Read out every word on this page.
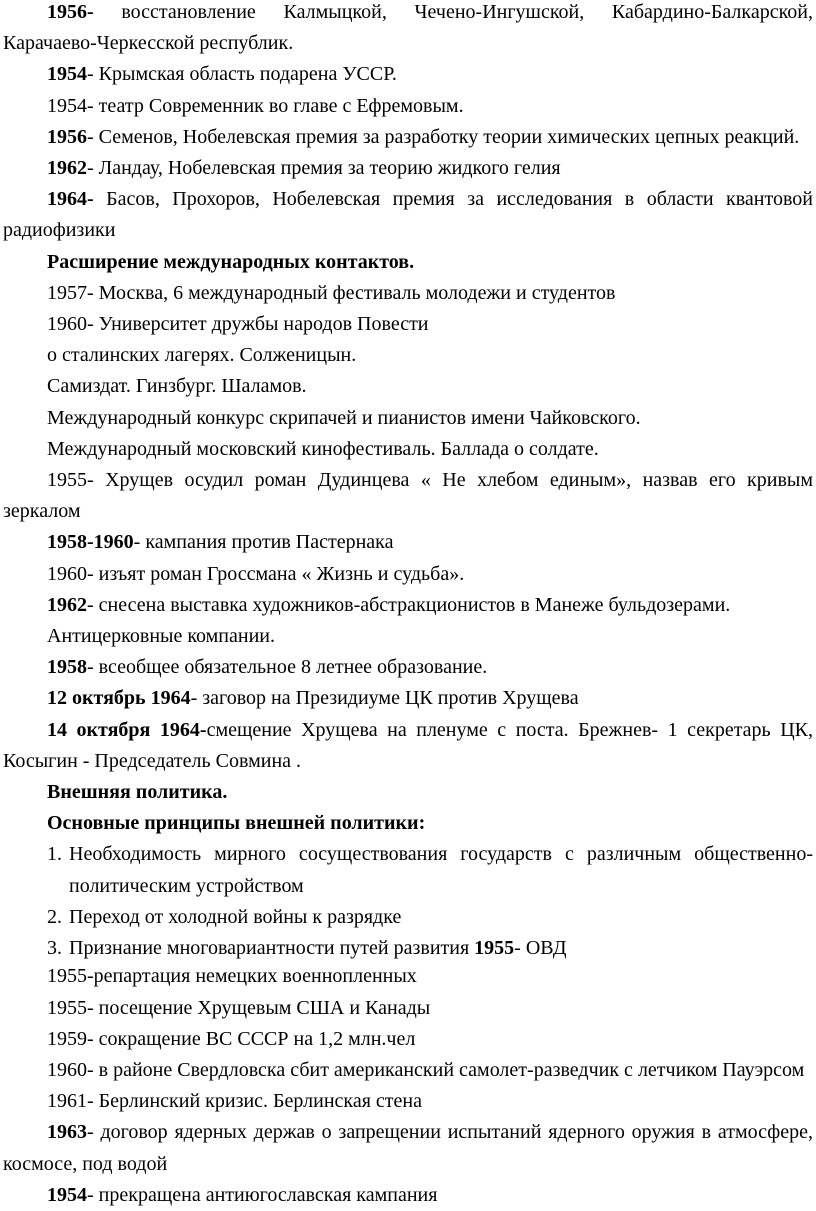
1956- восстановление Калмыцкой, Чечено-Ингушской, Кабардино-Балкарской, Карачаево-Черкесской республик.

1954- Крымская область подарена УССР.

1954- театр Современник во главе с Ефремовым.

1956- Семенов, Нобелевская премия за разработку теории химических цепных реакций.

1962- Ландау, Нобелевская премия за теорию жидкого гелия

1964- Басов, Прохоров, Нобелевская премия за исследования в области квантовой радиофизики

Расширение международных контактов.

1957- Москва, 6 международный фестиваль молодежи и студентов

1960- Университет дружбы народов Повести

о сталинских лагерях. Солженицын.

Самиздат. Гинзбург. Шаламов.

Международный конкурс скрипачей и пианистов имени Чайковского.

Международный московский кинофестиваль. Баллада о солдате.

1955- Хрущев осудил роман Дудинцева « Не хлебом единым», назвав его кривым зеркалом

1958-1960- кампания против Пастернака

1960- изъят роман Гроссмана « Жизнь и судьба».

1962- снесена выставка художников-абстракционистов в Манеже бульдозерами.

Антицерковные компании.

1958- всеобщее обязательное 8 летнее образование.

12 октябрь 1964- заговор на Президиуме ЦК против Хрущева

14 октября 1964-смещение Хрущева на пленуме с поста. Брежнев- 1 секретарь ЦК, Косыгин - Председатель Совмина .

Внешняя политика.

Основные принципы внешней политики:

1. Необходимость мирного сосуществования государств с различным общественно-политическим устройством
2. Переход от холодной войны к разрядке
3. Признание многовариантности путей развития 1955- ОВД

1955-репартация немецких военнопленных

1955- посещение Хрущевым США и Канады

1959- сокращение ВС СССР на 1,2 млн.чел

1960- в районе Свердловска сбит американский самолет-разведчик с летчиком Пауэрсом

1961- Берлинский кризис. Берлинская стена

1963- договор ядерных держав о запрещении испытаний ядерного оружия в атмосфере, космосе, под водой

1954- прекращена антиюгославская кампания
